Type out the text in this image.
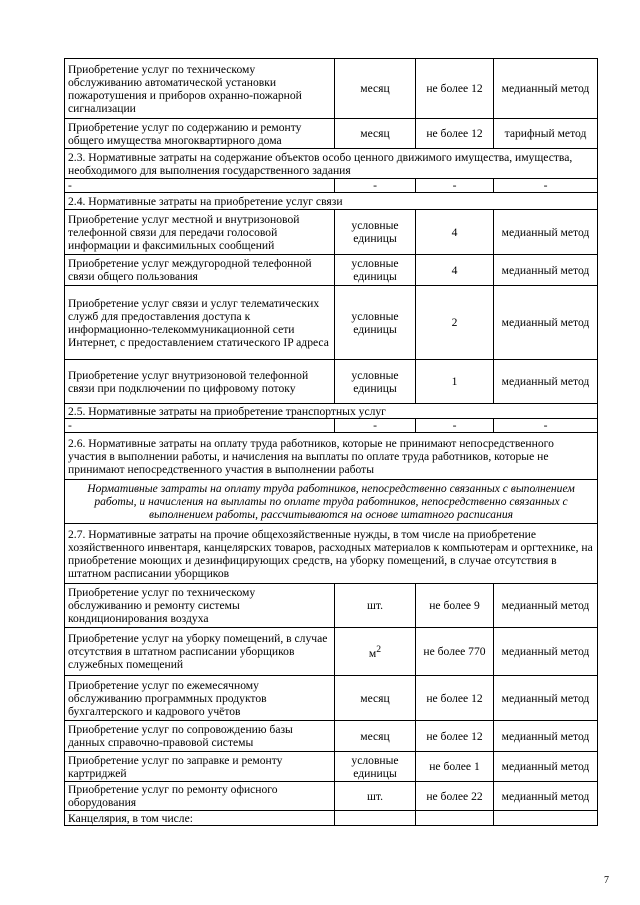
Приобретение услуг по техническому обслуживанию автоматической установки пожаротушения и приборов охранно-пожарной сигнализации	месяц	не более 12	медианный метод
Приобретение услуг по содержанию и ремонту общего имущества многоквартирного дома	месяц	не более 12	тарифный метод
2.3. Нормативные затраты на содержание объектов особо ценного движимого имущества, имущества, необходимого для выполнения государственного задания			
-	-	-	-
2.4. Нормативные затраты на приобретение услуг связи			
Приобретение услуг местной и внутризоновой телефонной связи для передачи голосовой информации и факсимильных сообщений	условные единицы	4	медианный метод
Приобретение услуг междугородной телефонной связи общего пользования	условные единицы	4	медианный метод
Приобретение услуг связи и услуг телематических служб для предоставления доступа к информационно-телекоммуникационной сети Интернет, с предоставлением статического IP адреса	условные единицы	2	медианный метод
Приобретение услуг внутризоновой телефонной связи при подключении по цифровому потоку	условные единицы	1	медианный метод
2.5. Нормативные затраты на приобретение транспортных услуг			
-	-	-	-
2.6. Нормативные затраты на оплату труда работников, которые не принимают непосредственного участия в выполнении работы, и начисления на выплаты по оплате труда работников, которые не принимают непосредственного участия в выполнении работы			
Нормативные затраты на оплату труда работников, непосредственно связанных с выполнением работы, и начисления на выплаты по оплате труда работников, непосредственно связанных с выполнением работы, рассчитываются на основе штатного расписания			
2.7. Нормативные затраты на прочие общехозяйственные нужды, в том числе на приобретение хозяйственного инвентаря, канцелярских товаров, расходных материалов к компьютерам и оргтехнике, на приобретение моющих и дезинфицирующих средств, на уборку помещений, в случае отсутствия в штатном расписании уборщиков			
Приобретение услуг по техническому обслуживанию и ремонту системы кондиционирования воздуха	шт.	не более 9	медианный метод
Приобретение услуг на уборку помещений, в случае отсутствия в штатном расписании уборщиков служебных помещений	$м^2$	не более 770	медианный метод
Приобретение услуг по ежемесячному обслуживанию программных продуктов бухгалтерского и кадрового учётов	месяц	не более 12	медианный метод
Приобретение услуг по сопровождению базы данных справочно-правовой системы	месяц	не более 12	медианный метод
Приобретение услуг по заправке и ремонту картриджей	условные единицы	не более 1	медианный метод
Приобретение услуг по ремонту офисного оборудования	шт.	не более 22	медианный метод
Канцелярия, в том числе:			
7
